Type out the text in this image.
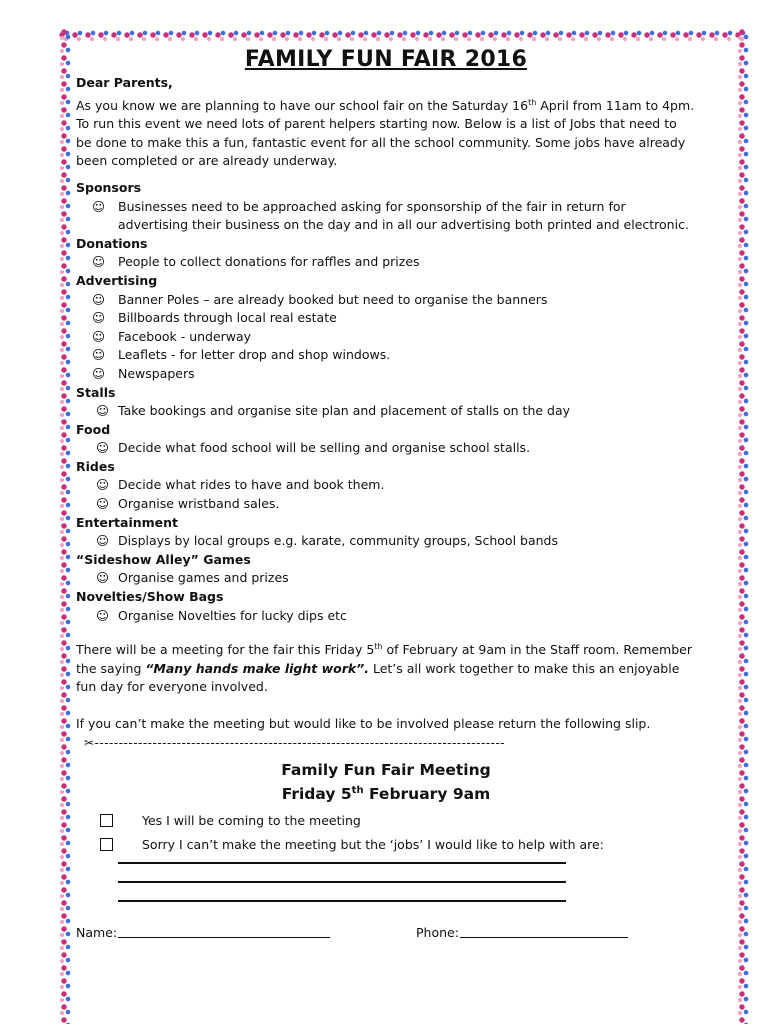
FAMILY FUN FAIR 2016

Dear Parents,

As you know we are planning to have our school fair on the Saturday 16th April from 11am to 4pm. To run this event we need lots of parent helpers starting now. Below is a list of Jobs that need to be done to make this a fun, fantastic event for all the school community. Some jobs have already been completed or are already underway.

Sponsors
☺ Businesses need to be approached asking for sponsorship of the fair in return for advertising their business on the day and in all our advertising both printed and electronic.
Donations
☺ People to collect donations for raffles and prizes
Advertising
☺ Banner Poles – are already booked but need to organise the banners
☺ Billboards through local real estate
☺ Facebook - underway
☺ Leaflets - for letter drop and shop windows.
☺ Newspapers
Stalls
☺ Take bookings and organise site plan and placement of stalls on the day
Food
☺ Decide what food school will be selling and organise school stalls.
Rides
☺ Decide what rides to have and book them.
☺ Organise wristband sales.
Entertainment
☺ Displays by local groups e.g. karate, community groups, School bands
“Sideshow Alley” Games
☺ Organise games and prizes
Novelties/Show Bags
☺ Organise Novelties for lucky dips etc

There will be a meeting for the fair this Friday 5th of February at 9am in the Staff room. Remember the saying “Many hands make light work”. Let’s all work together to make this an enjoyable fun day for everyone involved.

If you can’t make the meeting but would like to be involved please return the following slip.

✂-------------------------------------------------------------------------------------
Family Fun Fair Meeting
Friday 5th February 9am
Yes I will be coming to the meeting
Sorry I can’t make the meeting but the ‘jobs’ I would like to help with are:
Name:	Phone:
